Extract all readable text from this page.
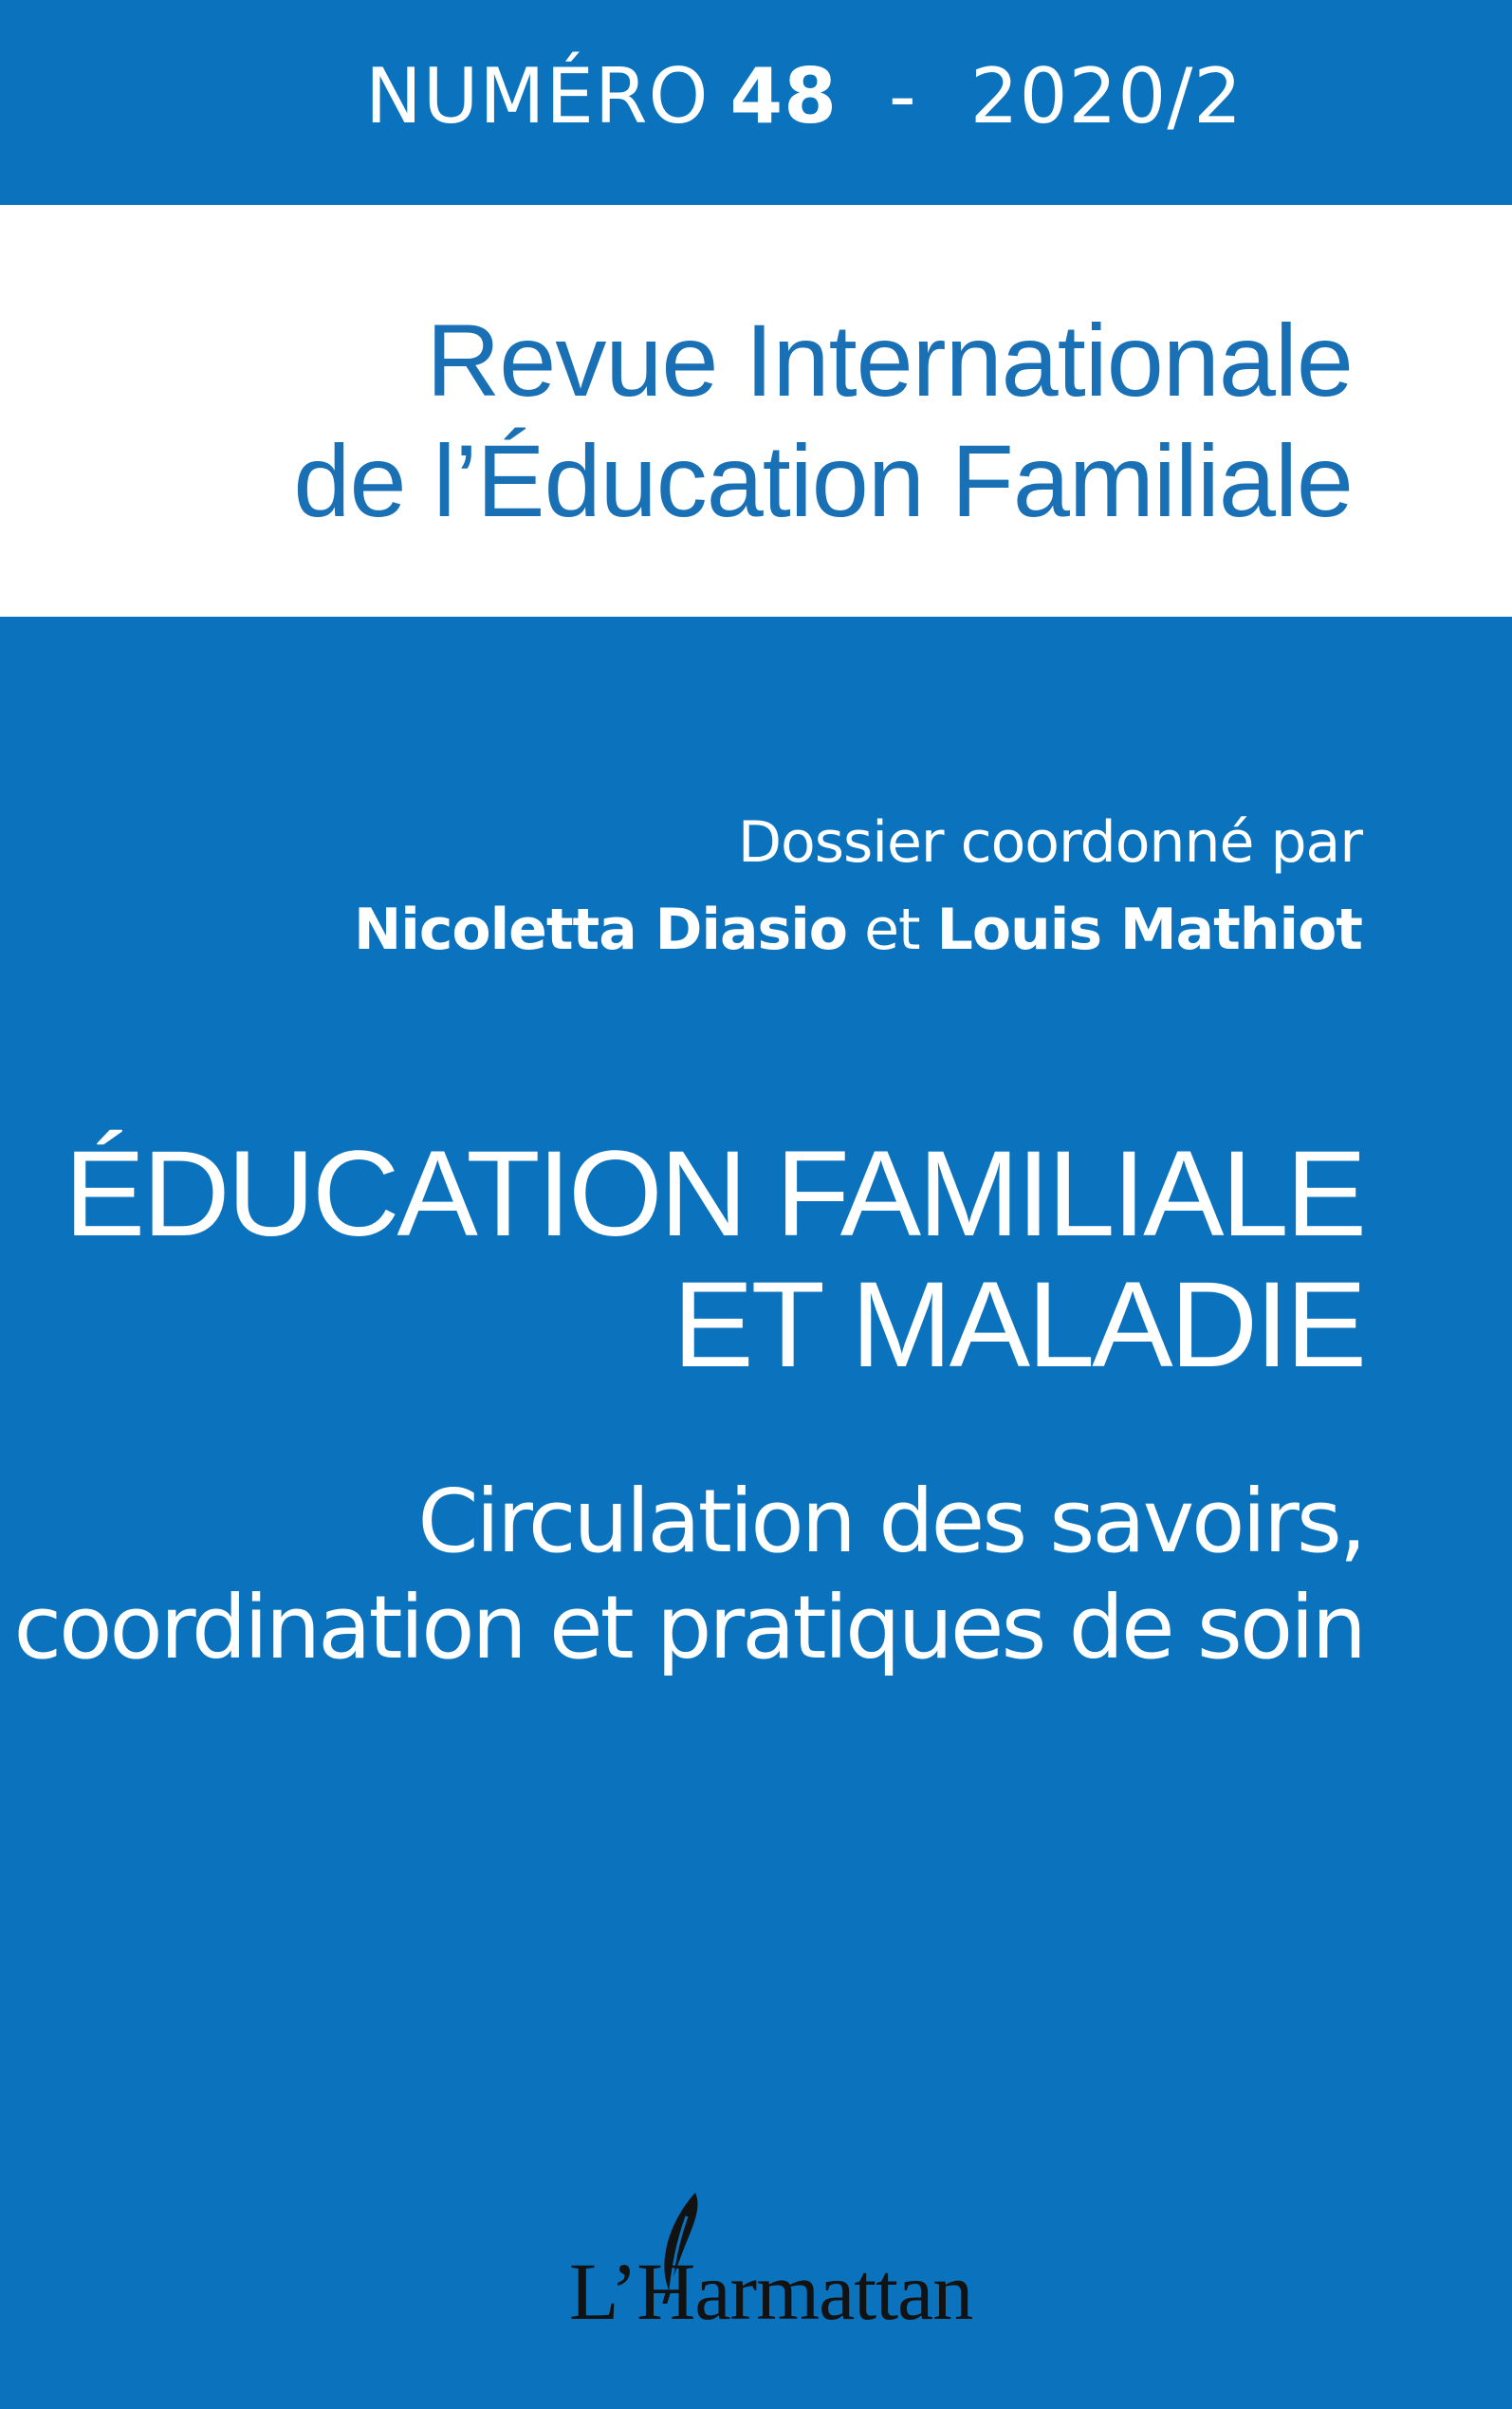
NUMÉRO 48 - 2020/2
Revue Internationale
de l’Éducation Familiale
Dossier coordonné par
Nicoletta Diasio et Louis Mathiot
ÉDUCATION FAMILIALE
ET MALADIE
Circulation des savoirs,
coordination et pratiques de soin
L’Harmattan
